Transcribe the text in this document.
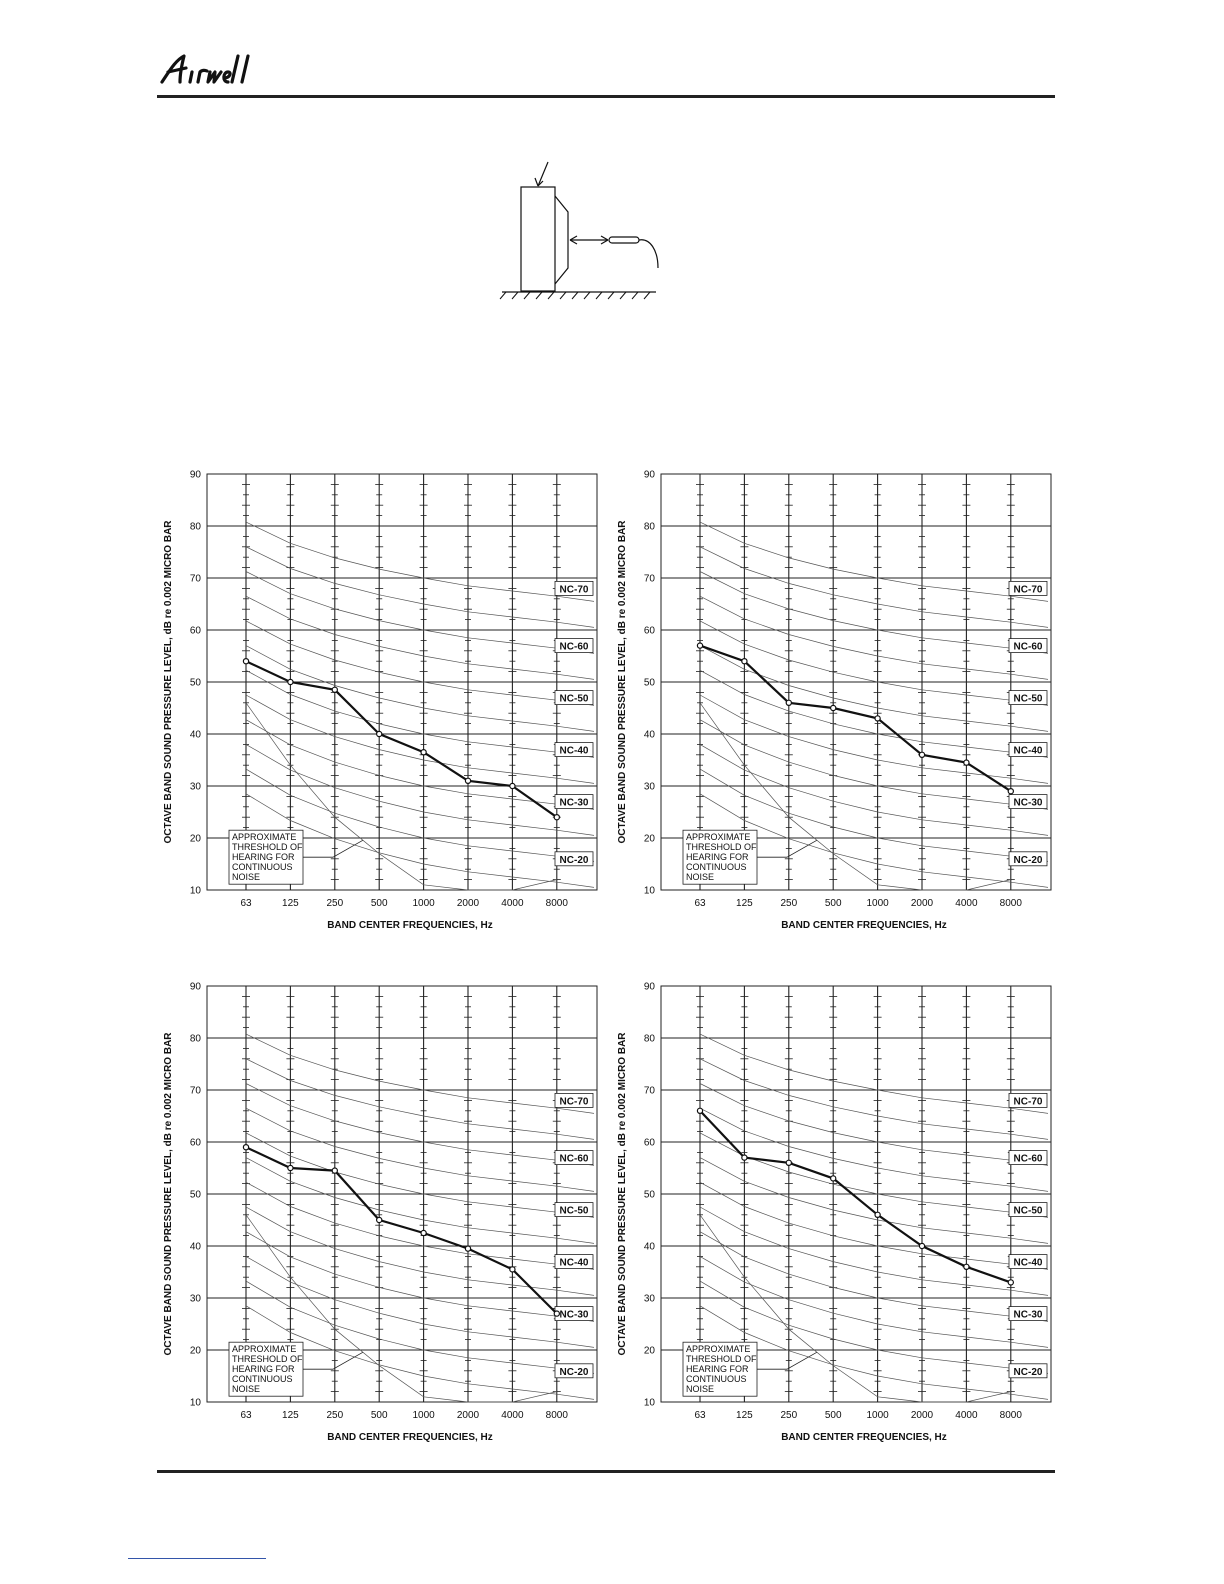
10
20
30
40
50
60
70
80
90
63	125	250	500 1000 2000 4000 8000
NC-70
NC-60
NC-50
NC-40
NC-30
NC-20
APPROXIMATE
THRESHOLD OF
HEARING FOR
CONTINUOUS
NOISE
BAND CENTER FREQUENCIES, Hz
OCTAVE BAND SOUND PRESSURE LEVEL, dB re 0.002 MICRO BAR
10
20
30
40
50
60
70
80
90
63	125	250	500 1000 2000 4000 8000
NC-70
NC-60
NC-50
NC-40
NC-30
NC-20
APPROXIMATE
THRESHOLD OF
HEARING FOR
CONTINUOUS
NOISE
BAND CENTER FREQUENCIES, Hz
OCTAVE BAND SOUND PRESSURE LEVEL, dB re 0.002 MICRO BAR
10
20
30
40
50
60
70
80
90
63	125	250	500 1000 2000 4000 8000
NC-70
NC-60
NC-50
NC-40
NC-30
NC-20
APPROXIMATE
THRESHOLD OF
HEARING FOR
CONTINUOUS
NOISE
BAND CENTER FREQUENCIES, Hz
OCTAVE BAND SOUND PRESSURE LEVEL, dB re 0.002 MICRO BAR
10
20
30
40
50
60
70
80
90
63	125	250	500 1000 2000 4000 8000
NC-70
NC-60
NC-50
NC-40
NC-30
NC-20
APPROXIMATE
THRESHOLD OF
HEARING FOR
CONTINUOUS
NOISE
BAND CENTER FREQUENCIES, Hz
OCTAVE BAND SOUND PRESSURE LEVEL, dB re 0.002 MICRO BAR
